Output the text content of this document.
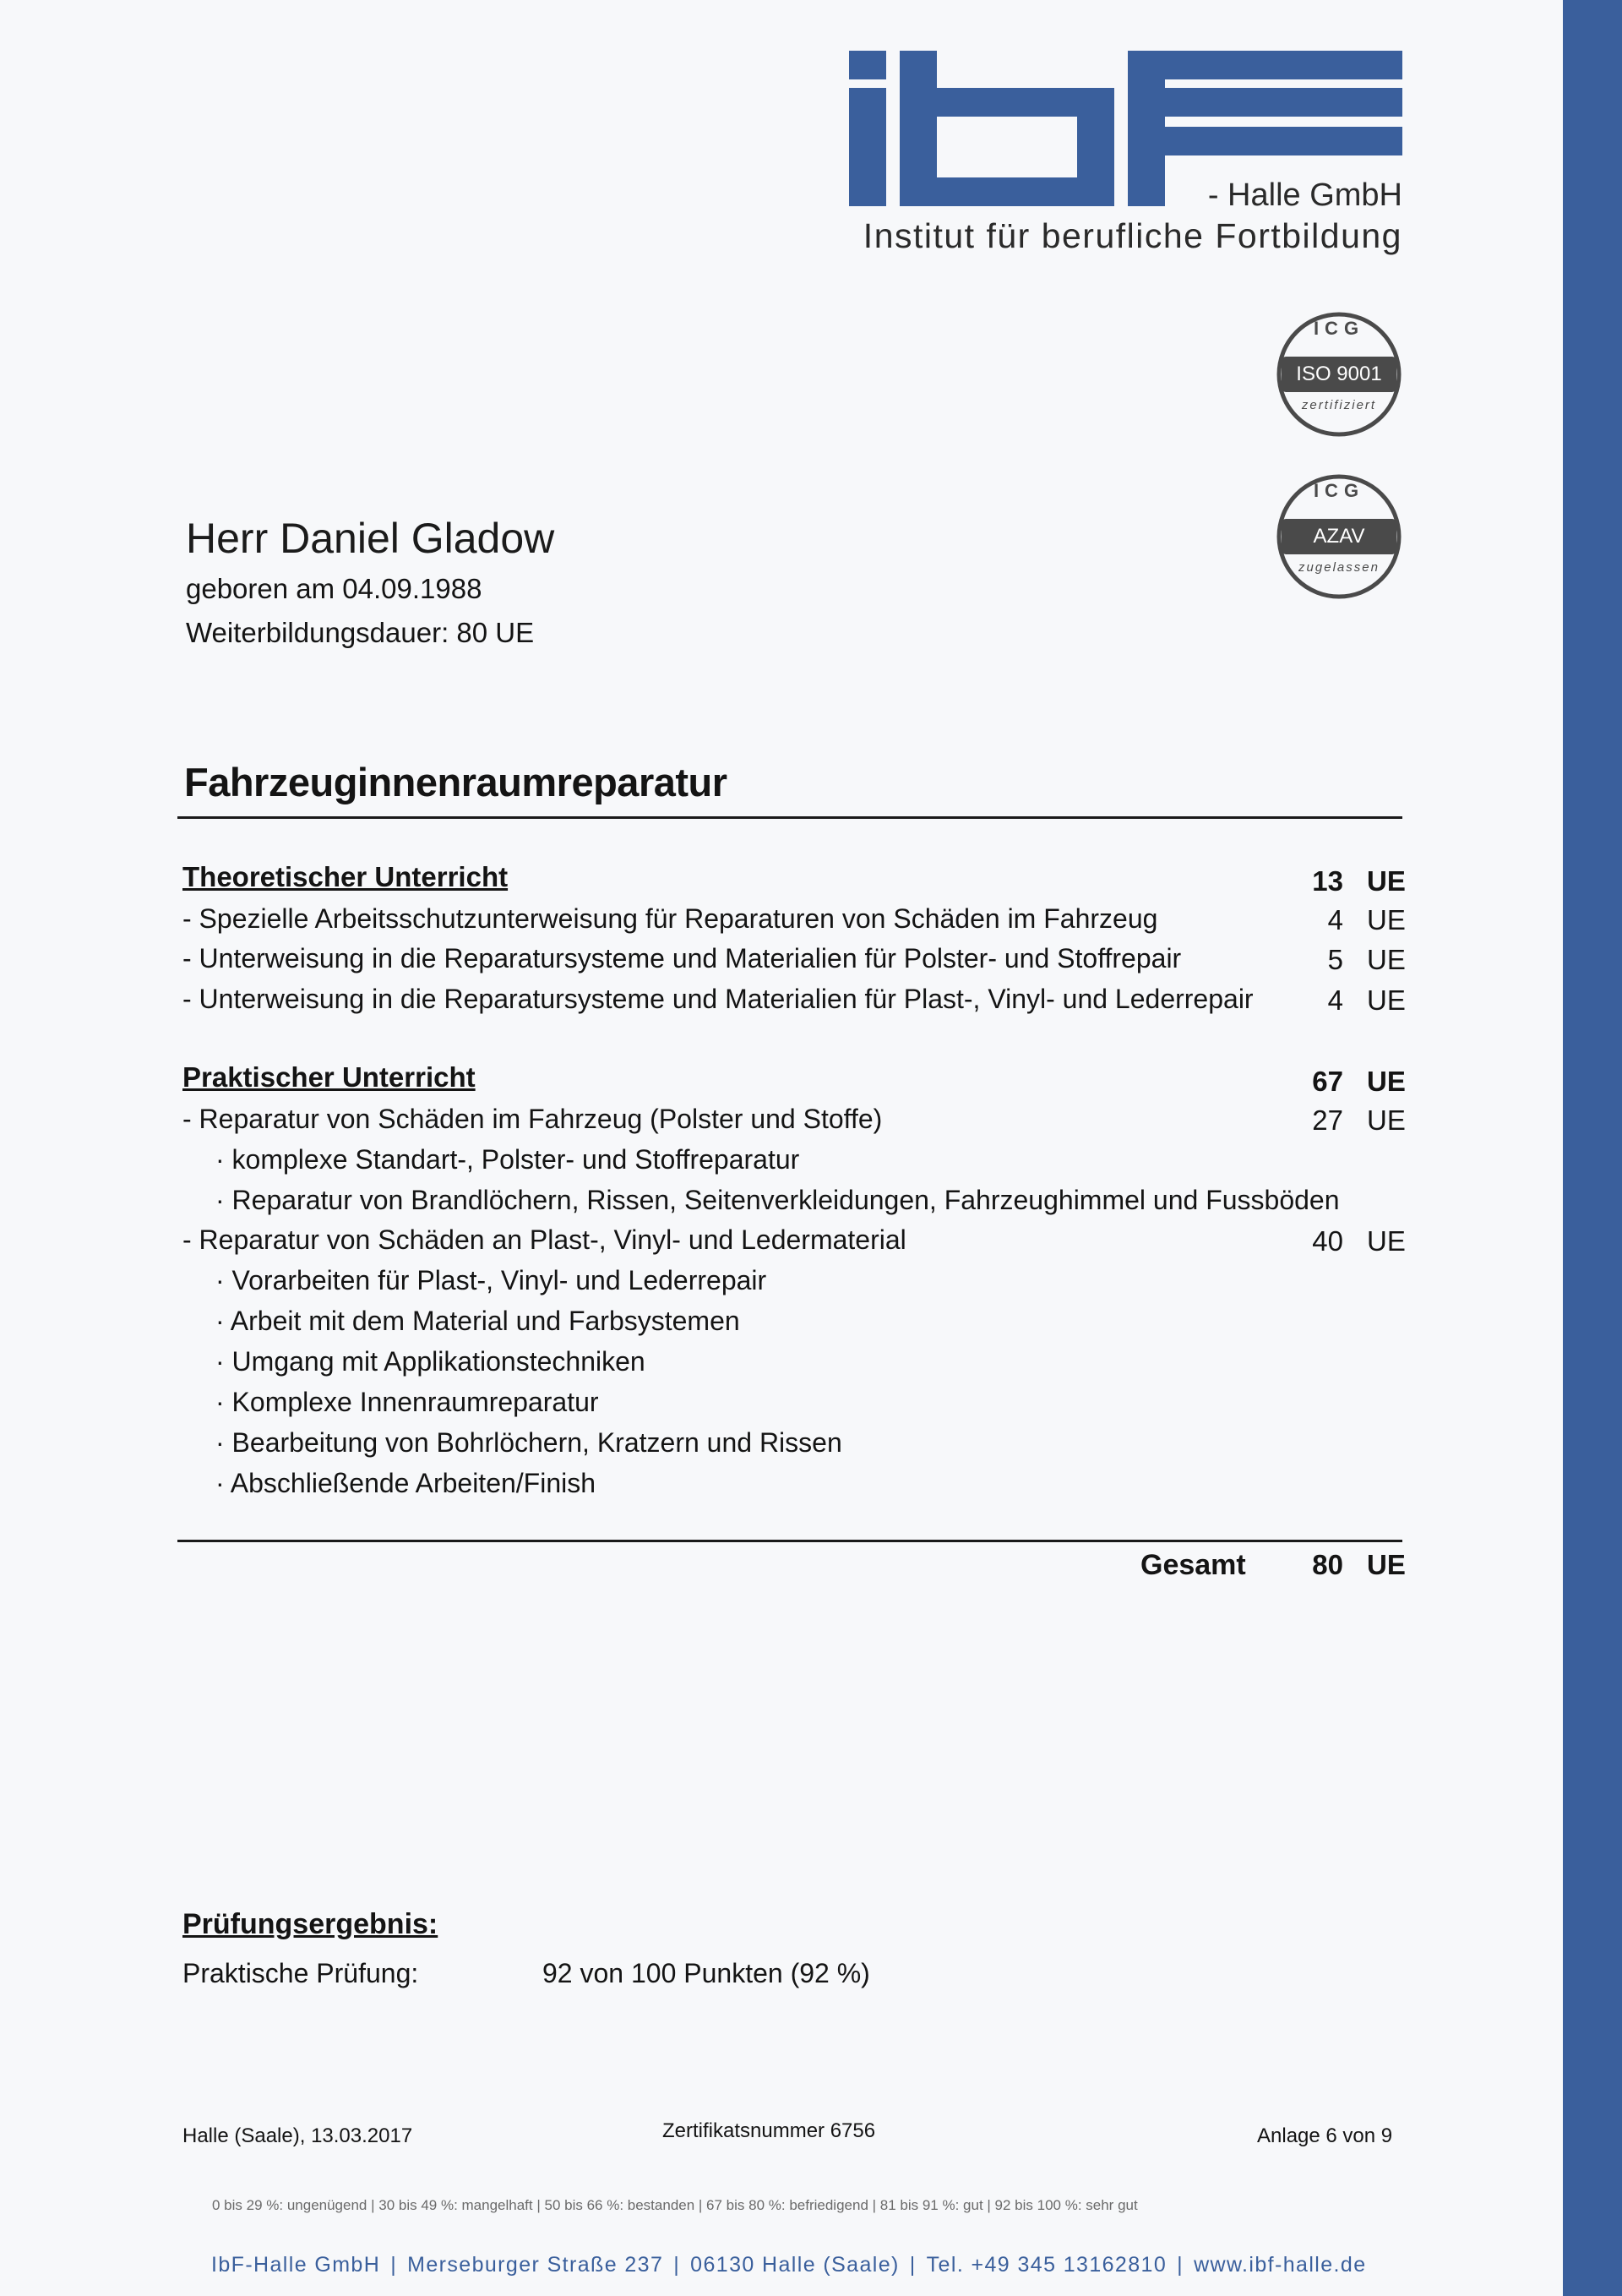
- Halle GmbH
Institut für berufliche Fortbildung
ICG
ISO 9001
zertifiziert
ICG
AZAV
zugelassen
Herr Daniel Gladow
geboren am 04.09.1988
Weiterbildungsdauer: 80 UE
Fahrzeuginnenraumreparatur
Theoretischer Unterricht	13 UE
- Spezielle Arbeitsschutzunterweisung für Reparaturen von Schäden im Fahrzeug	4 UE
- Unterweisung in die Reparatursysteme und Materialien für Polster- und Stoffrepair	5 UE
- Unterweisung in die Reparatursysteme und Materialien für Plast-, Vinyl- und Lederrepair	4 UE
Praktischer Unterricht	67 UE
- Reparatur von Schäden im Fahrzeug (Polster und Stoffe)	27 UE
· komplexe Standart-, Polster- und Stoffreparatur
· Reparatur von Brandlöchern, Rissen, Seitenverkleidungen, Fahrzeughimmel und Fussböden
- Reparatur von Schäden an Plast-, Vinyl- und Ledermaterial	40 UE
· Vorarbeiten für Plast-, Vinyl- und Lederrepair
· Arbeit mit dem Material und Farbsystemen
· Umgang mit Applikationstechniken
· Komplexe Innenraumreparatur
· Bearbeitung von Bohrlöchern, Kratzern und Rissen
· Abschließende Arbeiten/Finish
Gesamt	80 UE
Prüfungsergebnis:
Praktische Prüfung:	92 von 100 Punkten (92 %)
Halle (Saale), 13.03.2017	Zertifikatsnummer 6756	Anlage 6 von 9
0 bis 29 %: ungenügend | 30 bis 49 %: mangelhaft | 50 bis 66 %: bestanden | 67 bis 80 %: befriedigend | 81 bis 91 %: gut | 92 bis 100 %: sehr gut
IbF-Halle GmbH | Merseburger Straße 237 | 06130 Halle (Saale) | Tel. +49 345 13162810 | www.ibf-halle.de
